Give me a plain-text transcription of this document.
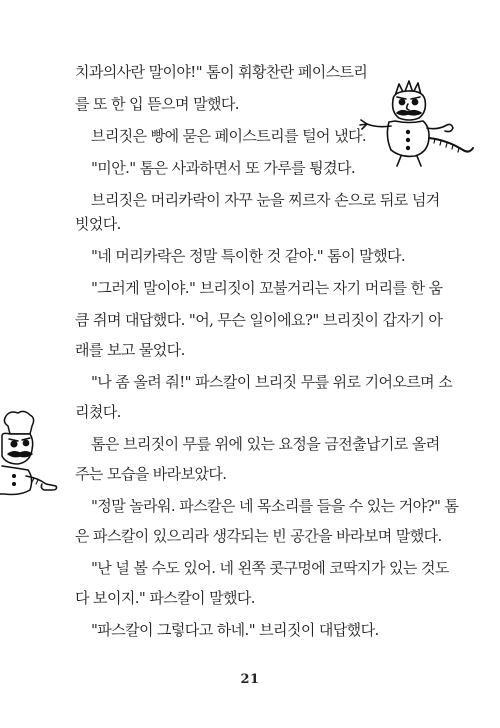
치과의사란 말이야!" 톰이 휘황찬란 페이스트리
를 또 한 입 뜯으며 말했다.
브리짓은 빵에 묻은 페이스트리를 털어 냈다.
"미안." 톰은 사과하면서 또 가루를 튕겼다.
브리짓은 머리카락이 자꾸 눈을 찌르자 손으로 뒤로 넘겨
빗었다.
"네 머리카락은 정말 특이한 것 같아." 톰이 말했다.
"그러게 말이야." 브리짓이 꼬불거리는 자기 머리를 한 움
큼 쥐며 대답했다. "어, 무슨 일이에요?" 브리짓이 갑자기 아
래를 보고 물었다.
"나 좀 올려 줘!" 파스칼이 브리짓 무릎 위로 기어오르며 소
리쳤다.
톰은 브리짓이 무릎 위에 있는 요정을 금전출납기로 올려
주는 모습을 바라보았다.
"정말 놀라워. 파스칼은 네 목소리를 들을 수 있는 거야?" 톰
은 파스칼이 있으리라 생각되는 빈 공간을 바라보며 말했다.
"난 널 볼 수도 있어. 네 왼쪽 콧구멍에 코딱지가 있는 것도
다 보이지." 파스칼이 말했다.
"파스칼이 그렇다고 하네." 브리짓이 대답했다.
21
